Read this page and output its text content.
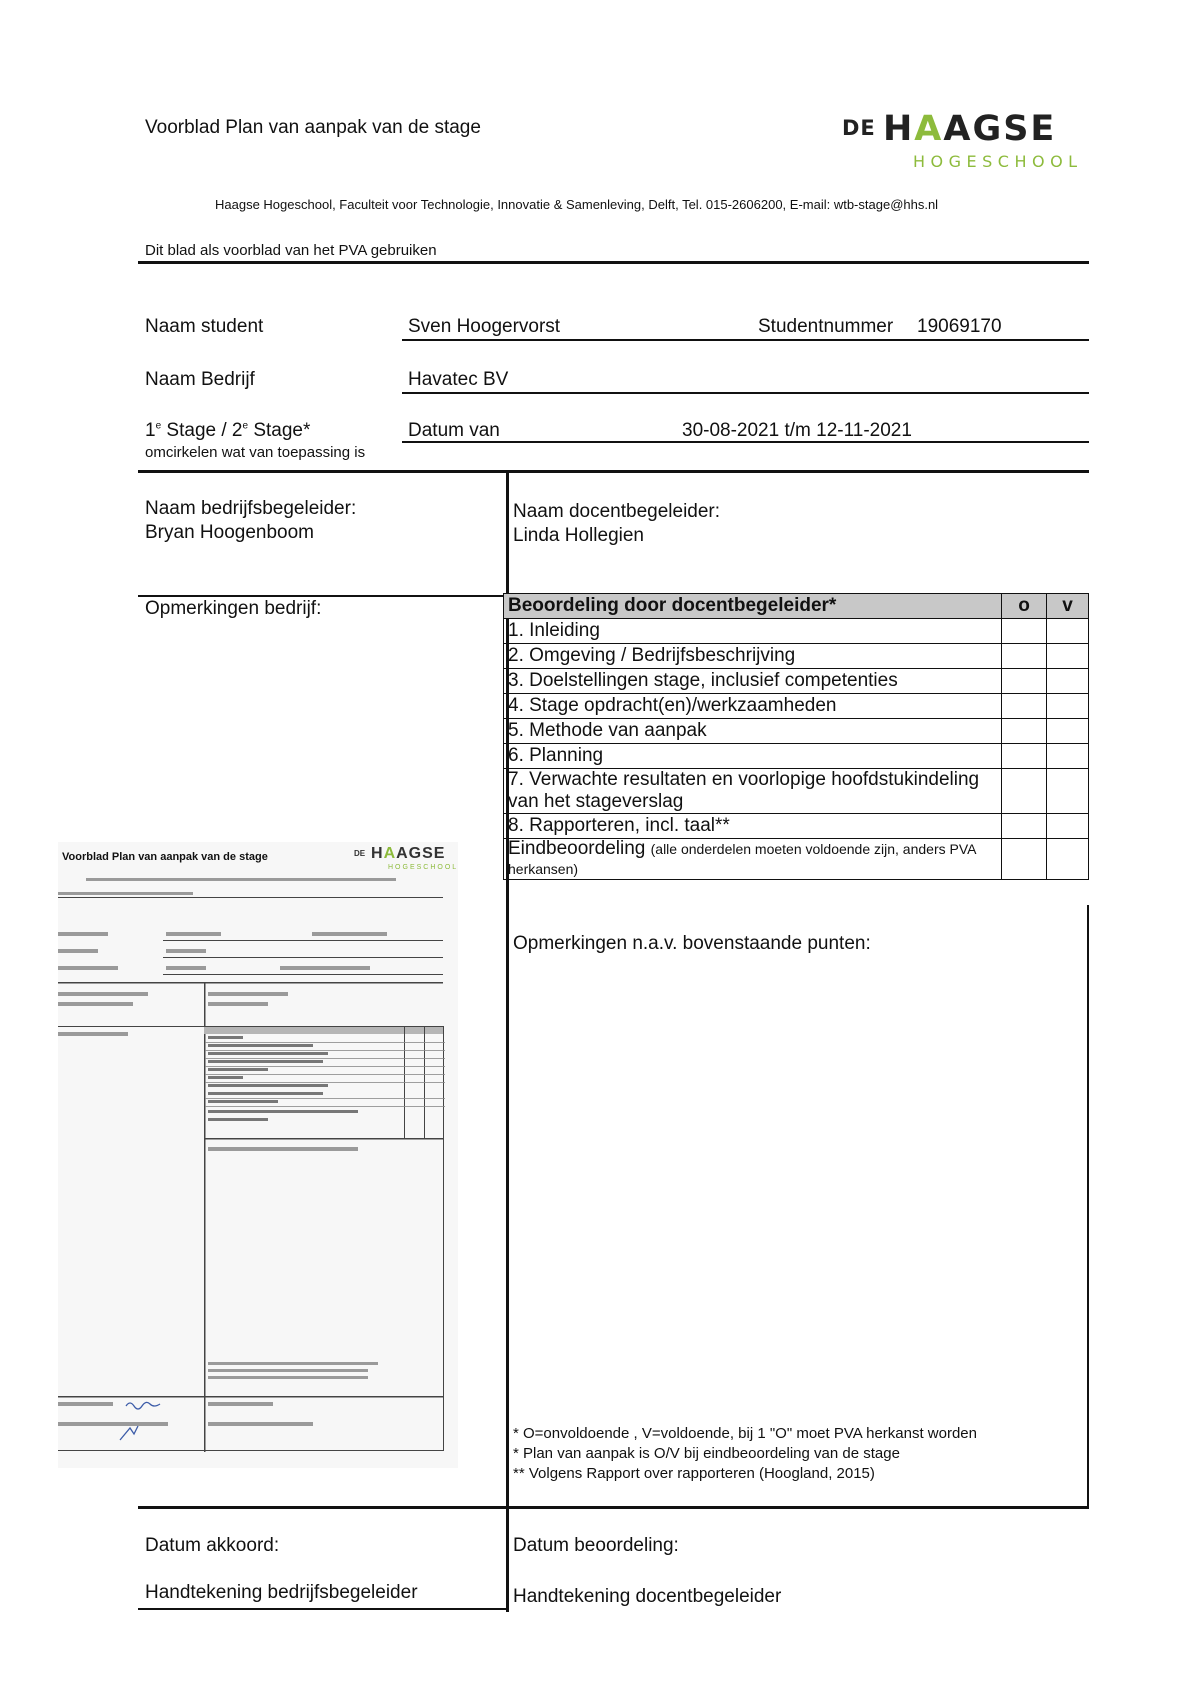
Voorblad Plan van aanpak van de stage	DE HAAGSE
HOGESCHOOL
Haagse Hogeschool, Faculteit voor Technologie, Innovatie & Samenleving, Delft, Tel. 015-2606200, E-mail: wtb-stage@hhs.nl
Dit blad als voorblad van het PVA gebruiken
Naam student	Sven Hoogervorst	Studentnummer 19069170
Naam Bedrijf	Havatec BV
1e Stage / 2e Stage*
omcirkelen wat van toepassing is
Datum van	30-08-2021 t/m 12-11-2021
Naam bedrijfsbegeleider:
Bryan Hoogenboom
Naam docentbegeleider:
Linda Hollegien
Opmerkingen bedrijf:	Beoordeling door docentbegeleider*	o	v
1. Inleiding		
2. Omgeving / Bedrijfsbeschrijving		
3. Doelstellingen stage, inclusief competenties		
4. Stage opdracht(en)/werkzaamheden		
5. Methode van aanpak		
6. Planning		
7. Verwachte resultaten en voorlopige hoofdstukindeling van het stageverslag		
8. Rapporteren, incl. taal**		
Eindbeoordeling (alle onderdelen moeten voldoende zijn, anders PVA herkansen)		
Opmerkingen n.a.v. bovenstaande punten:
* O=onvoldoende , V=voldoende, bij 1 "O" moet PVA herkanst worden
* Plan van aanpak is O/V bij eindbeoordeling van de stage
** Volgens Rapport over rapporteren (Hoogland, 2015)
Datum akkoord:
Handtekening bedrijfsbegeleider
Datum beoordeling:
Handtekening docentbegeleider
Voorblad Plan van aanpak van de stage	DE HAAGSE
HOGESCHOOL
